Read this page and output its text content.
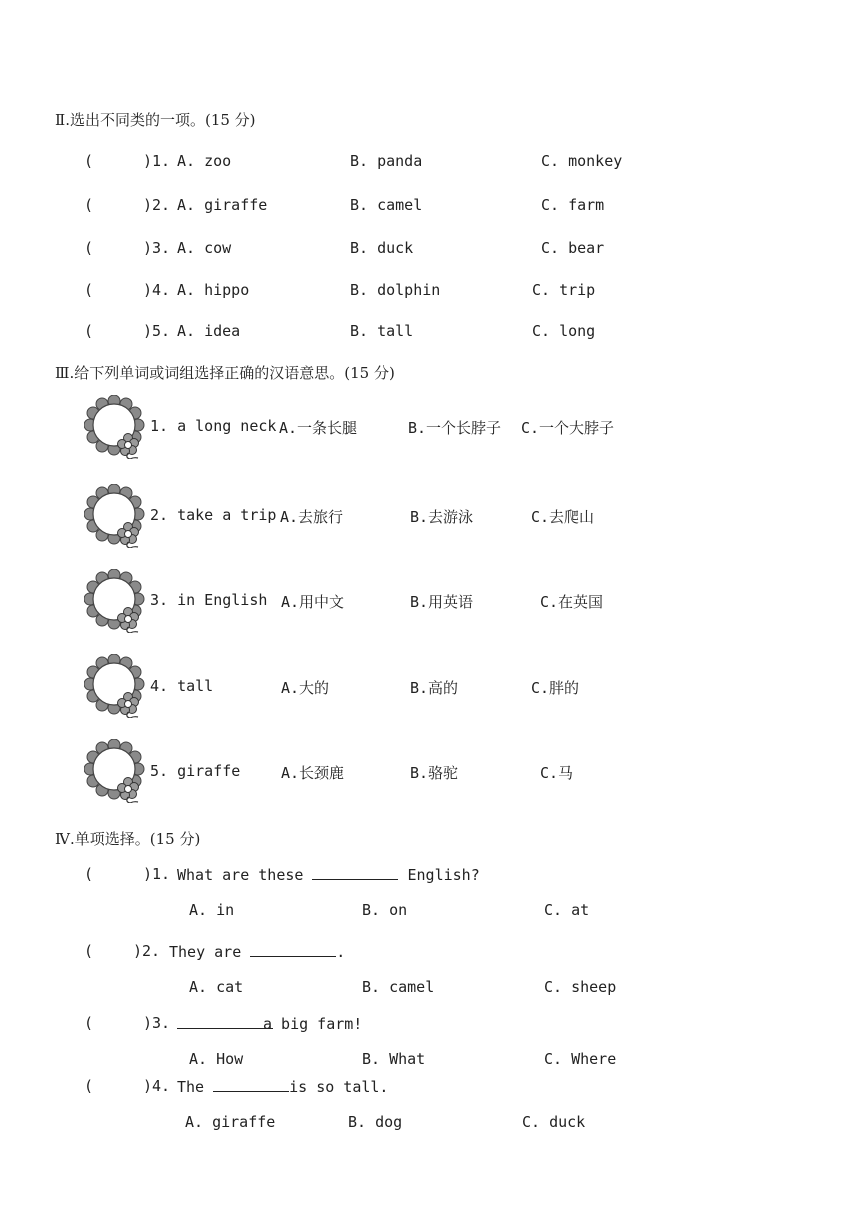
Ⅱ.选出不同类的一项。(15 分)
(	)1. A. zoo	B. panda	C. monkey
(	)2. A. giraffe	B. camel	C. farm
(	)3. A. cow	B. duck	C. bear
(	)4. A. hippo	B. dolphin	C. trip
(	)5. A. idea	B. tall	C. long
Ⅲ.给下列单词或词组选择正确的汉语意思。(15 分)
1. a long neck A.一条长腿	B.一个长脖子 C.一个大脖子
2. take a trip A.去旅行	B.去游泳	C.去爬山
3. in English A.用中文	B.用英语	C.在英国
4. tall	A.大的	B.高的	C.胖的
5. giraffe	A.长颈鹿	B.骆驼	C.马
Ⅳ.单项选择。(15 分)
(	)1. What are these	English?
A. in	B. on	C. at
(	)2. They are	.
A. cat	B. camel	C. sheep
(	)3.	a big farm!
A. How	B. What	C. Where
(	)4. The	is so tall.
A. giraffe	B. dog	C. duck
